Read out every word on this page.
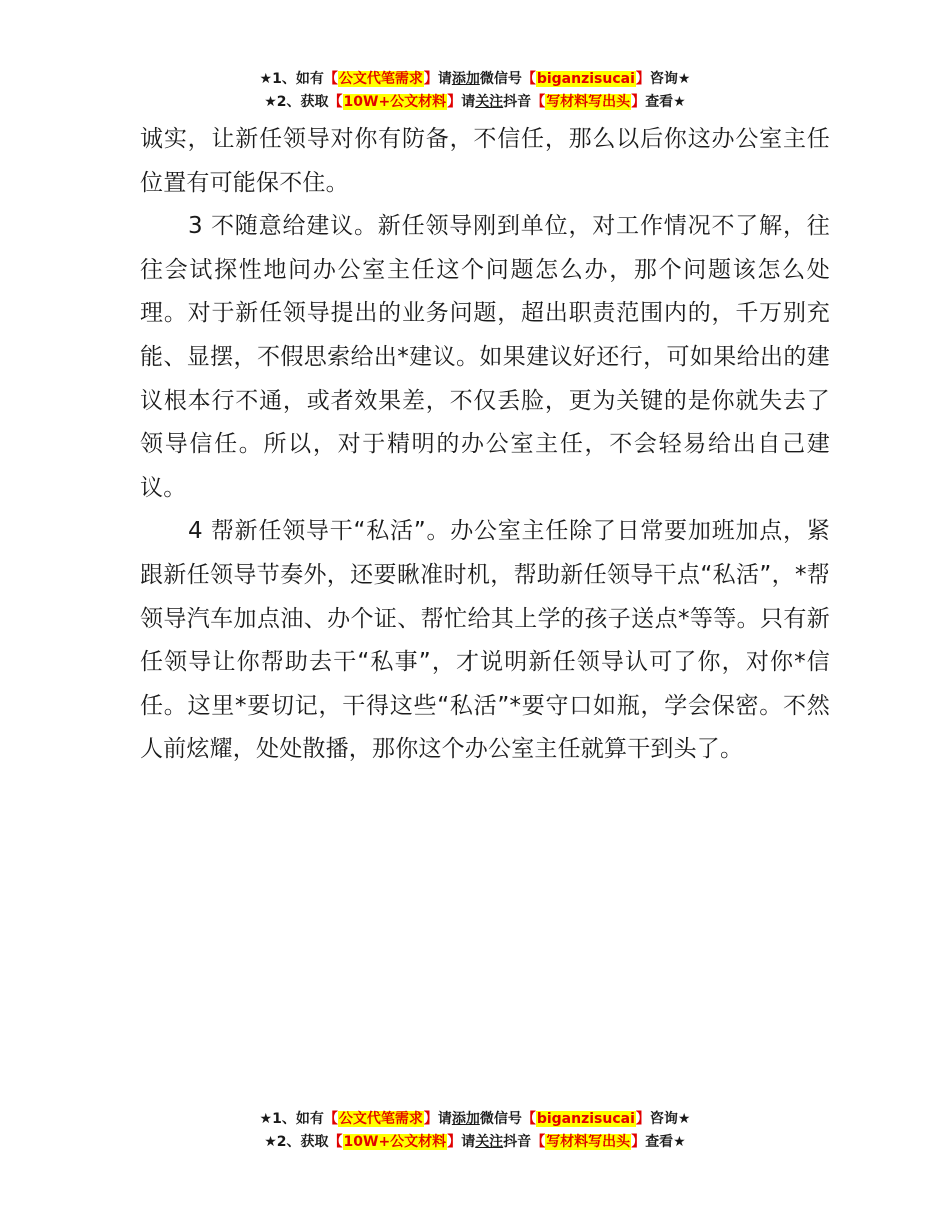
★1、如有【公文代笔需求】请添加微信号【biganzisucai】咨询★
★2、获取【10W+公文材料】请关注抖音【写材料写出头】查看★

诚实，让新任领导对你有防备，不信任，那么以后你这办公室主任位置有可能保不住。

3 不随意给建议。新任领导刚到单位，对工作情况不了解，往往会试探性地问办公室主任这个问题怎么办，那个问题该怎么处理。对于新任领导提出的业务问题，超出职责范围内的，千万别充能、显摆，不假思索给出*建议。如果建议好还行，可如果给出的建议根本行不通，或者效果差，不仅丢脸，更为关键的是你就失去了领导信任。所以，对于精明的办公室主任，不会轻易给出自己建议。

4 帮新任领导干“私活”。办公室主任除了日常要加班加点，紧跟新任领导节奏外，还要瞅准时机，帮助新任领导干点“私活”，*帮领导汽车加点油、办个证、帮忙给其上学的孩子送点*等等。只有新任领导让你帮助去干“私事”，才说明新任领导认可了你，对你*信任。这里*要切记，干得这些“私活”*要守口如瓶，学会保密。不然人前炫耀，处处散播，那你这个办公室主任就算干到头了。

★1、如有【公文代笔需求】请添加微信号【biganzisucai】咨询★
★2、获取【10W+公文材料】请关注抖音【写材料写出头】查看★
